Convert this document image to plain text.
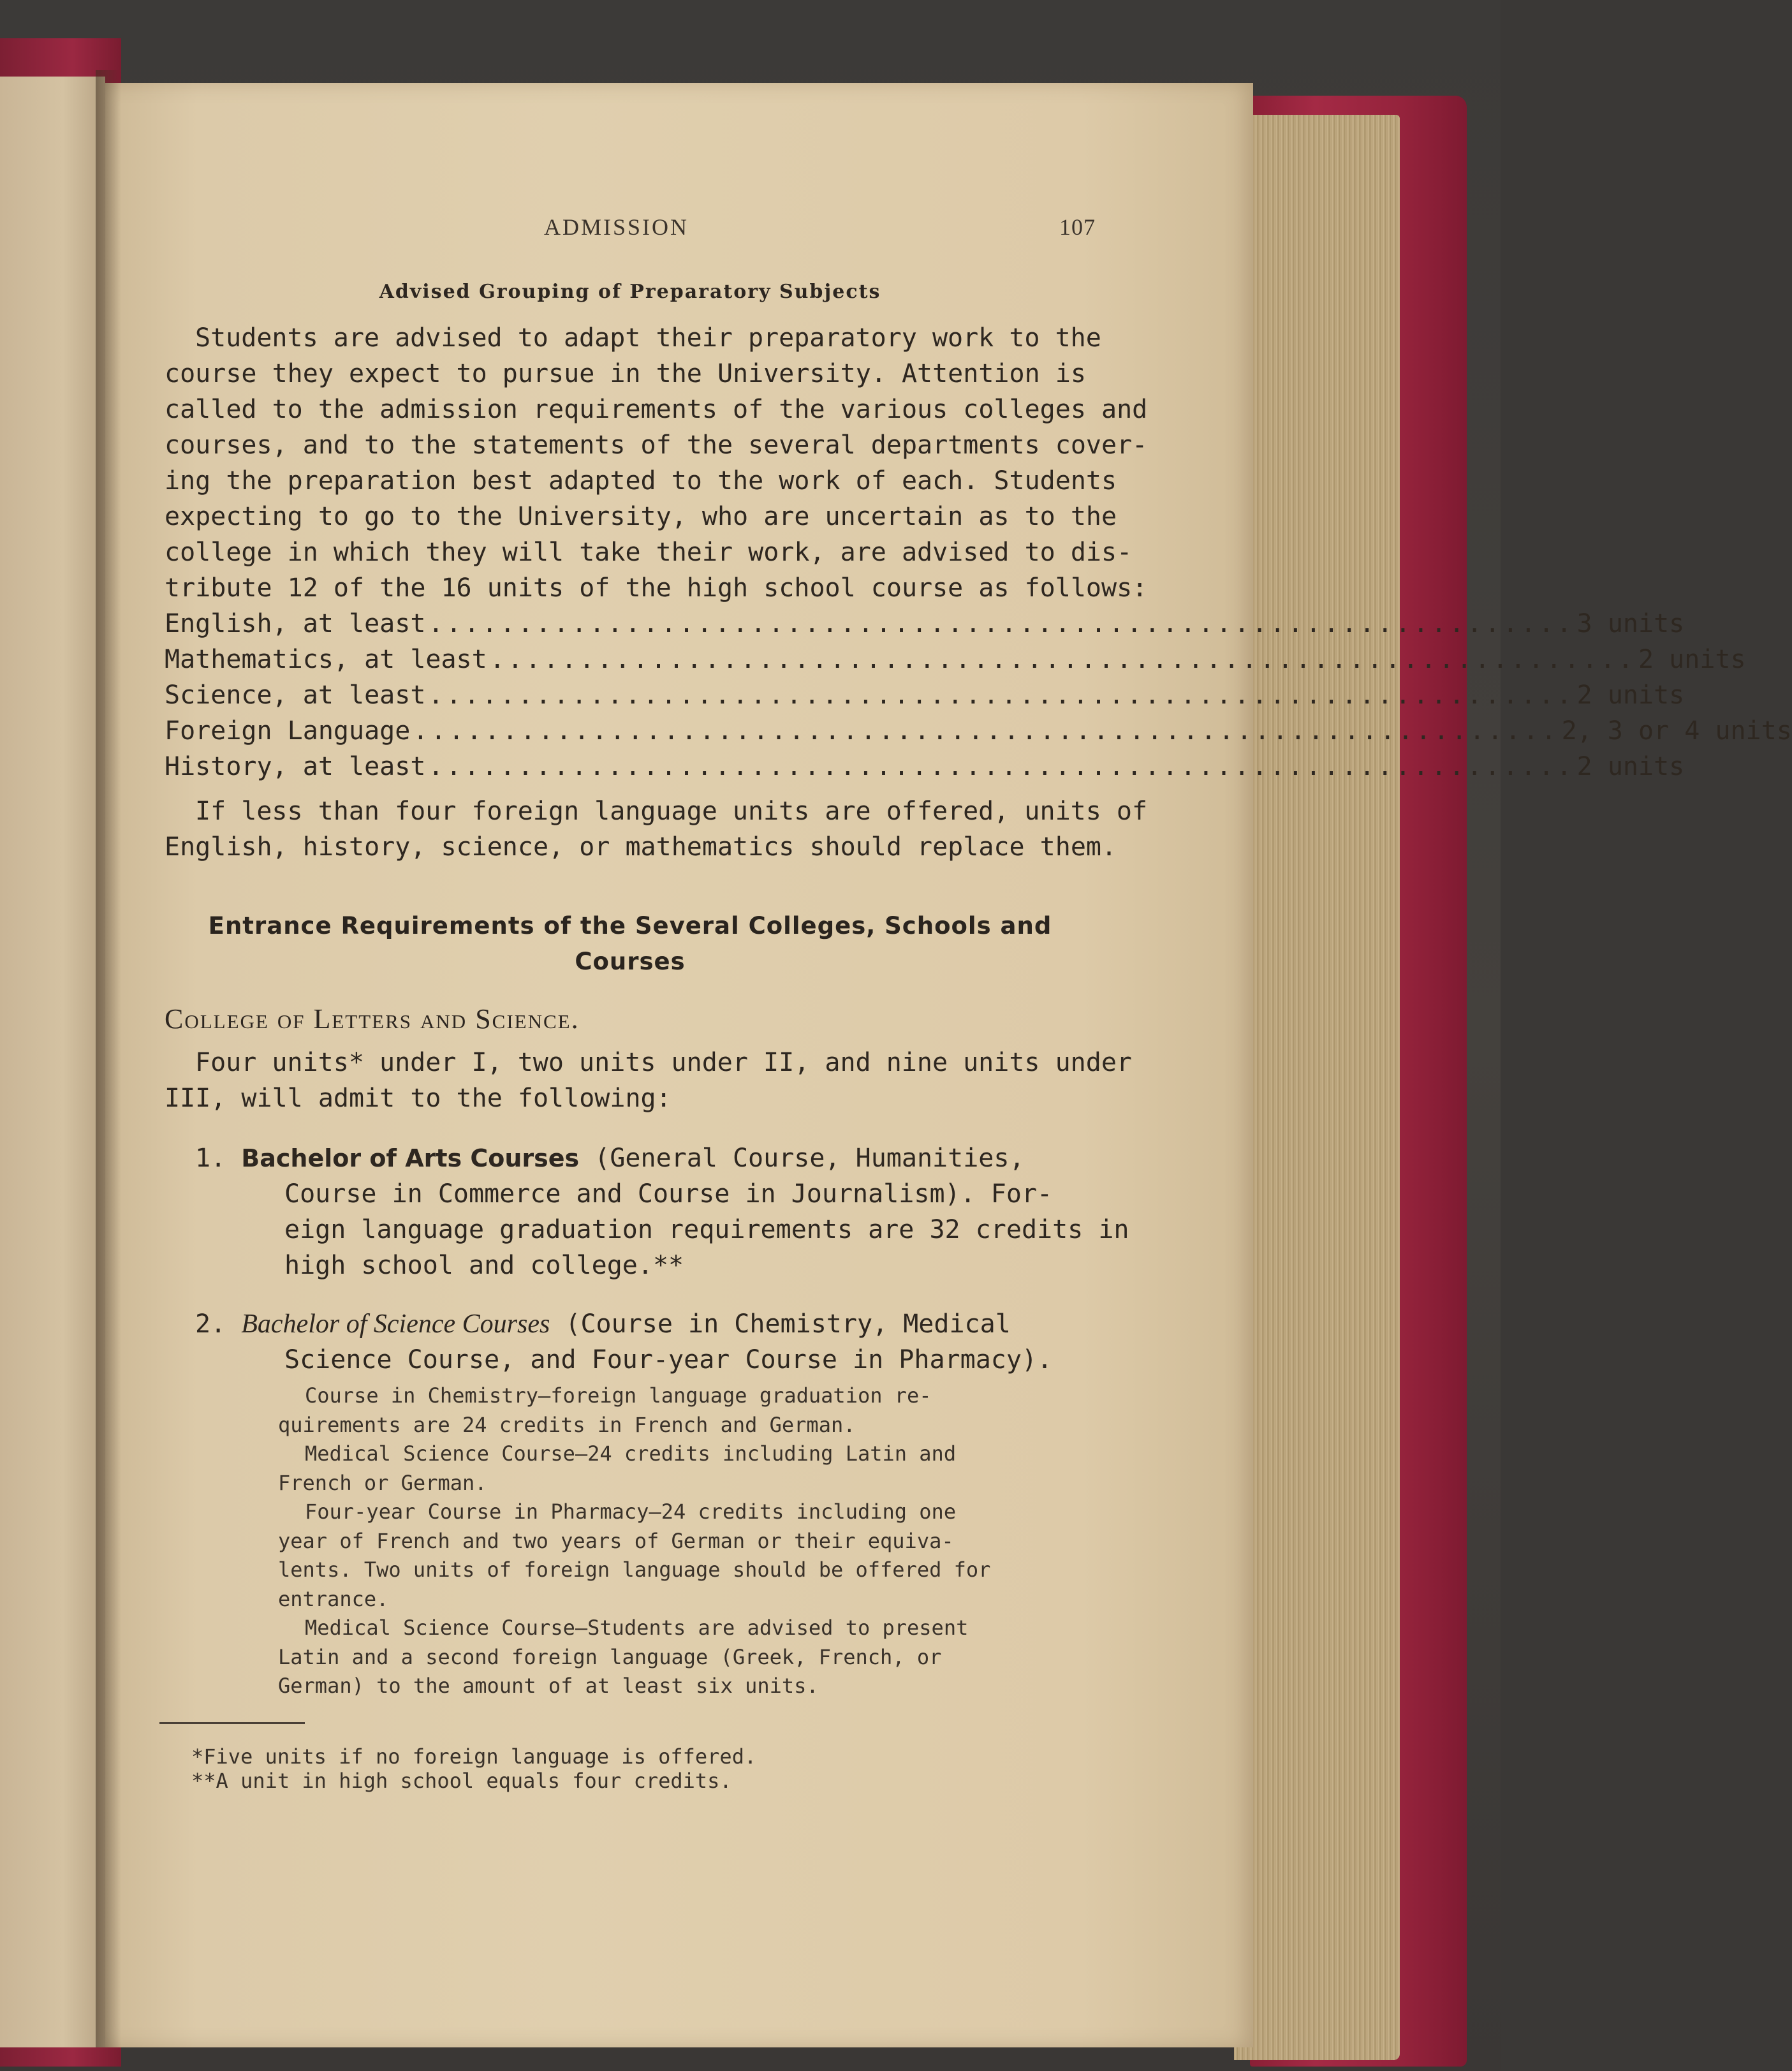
ADMISSION	107
Advised Grouping of Preparatory Subjects
Students are advised to adapt their preparatory work to the
course they expect to pursue in the University. Attention is
called to the admission requirements of the various colleges and
courses, and to the statements of the several departments cover-
ing the preparation best adapted to the work of each. Students
expecting to go to the University, who are uncertain as to the
college in which they will take their work, are advised to dis-
tribute 12 of the 16 units of the high school course as follows:
English, at least ................................................................ 3 units
Mathematics, at least ................................................................ 2 units
Science, at least ................................................................ 2 units
Foreign Language ................................................................ 2, 3 or 4 units
History, at least ................................................................ 2 units
If less than four foreign language units are offered, units of
English, history, science, or mathematics should replace them.
Entrance Requirements of the Several Colleges, Schools and
Courses
College of Letters and Science.
Four units* under I, two units under II, and nine units under
III, will admit to the following:
1. Bachelor of Arts Courses (General Course, Humanities,
Course in Commerce and Course in Journalism). For-
eign language graduation requirements are 32 credits in
high school and college.**
2. Bachelor of Science Courses (Course in Chemistry, Medical
Science Course, and Four-year Course in Pharmacy).
Course in Chemistry—foreign language graduation re-
quirements are 24 credits in French and German.
Medical Science Course—24 credits including Latin and
French or German.
Four-year Course in Pharmacy—24 credits including one
year of French and two years of German or their equiva-
lents. Two units of foreign language should be offered for
entrance.
Medical Science Course—Students are advised to present
Latin and a second foreign language (Greek, French, or
German) to the amount of at least six units.
*Five units if no foreign language is offered.
**A unit in high school equals four credits.
